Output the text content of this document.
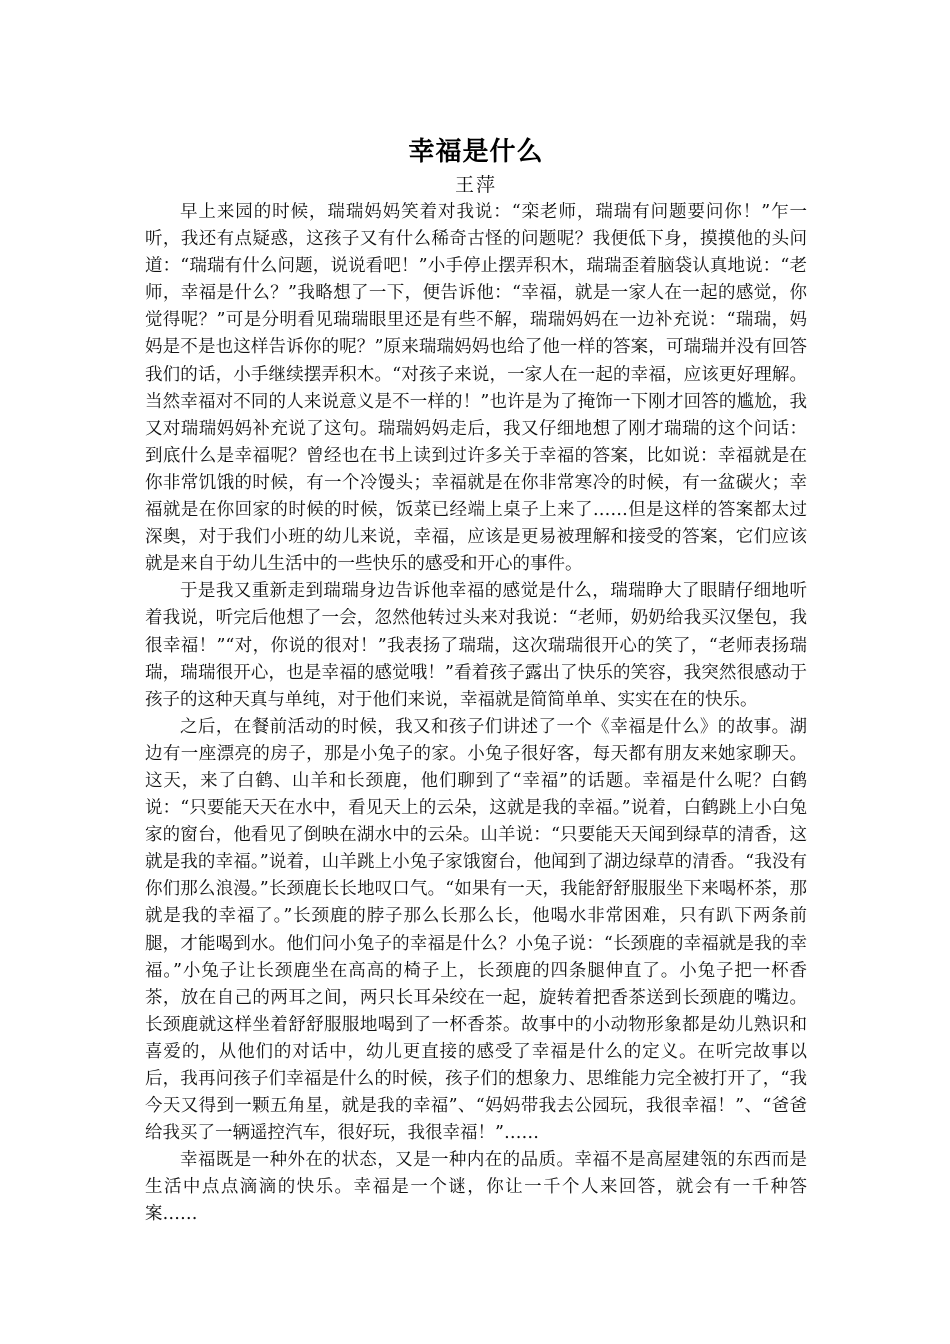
幸福是什么

王萍

早上来园的时候，瑞瑞妈妈笑着对我说：“栾老师，瑞瑞有问题要问你！”乍一听，我还有点疑惑，这孩子又有什么稀奇古怪的问题呢？我便低下身，摸摸他的头问道：“瑞瑞有什么问题，说说看吧！”小手停止摆弄积木，瑞瑞歪着脑袋认真地说：“老师，幸福是什么？”我略想了一下，便告诉他：“幸福，就是一家人在一起的感觉，你觉得呢？”可是分明看见瑞瑞眼里还是有些不解，瑞瑞妈妈在一边补充说：“瑞瑞，妈妈是不是也这样告诉你的呢？”原来瑞瑞妈妈也给了他一样的答案，可瑞瑞并没有回答我们的话，小手继续摆弄积木。“对孩子来说，一家人在一起的幸福，应该更好理解。当然幸福对不同的人来说意义是不一样的！”也许是为了掩饰一下刚才回答的尴尬，我又对瑞瑞妈妈补充说了这句。瑞瑞妈妈走后，我又仔细地想了刚才瑞瑞的这个问话：到底什么是幸福呢？曾经也在书上读到过许多关于幸福的答案，比如说：幸福就是在你非常饥饿的时候，有一个冷馒头；幸福就是在你非常寒冷的时候，有一盆碳火；幸福就是在你回家的时候的时候，饭菜已经端上桌子上来了……但是这样的答案都太过深奥，对于我们小班的幼儿来说，幸福，应该是更易被理解和接受的答案，它们应该就是来自于幼儿生活中的一些快乐的感受和开心的事件。

于是我又重新走到瑞瑞身边告诉他幸福的感觉是什么，瑞瑞睁大了眼睛仔细地听着我说，听完后他想了一会，忽然他转过头来对我说：“老师，奶奶给我买汉堡包，我很幸福！”“对，你说的很对！”我表扬了瑞瑞，这次瑞瑞很开心的笑了，“老师表扬瑞瑞，瑞瑞很开心，也是幸福的感觉哦！”看着孩子露出了快乐的笑容，我突然很感动于孩子的这种天真与单纯，对于他们来说，幸福就是简简单单、实实在在的快乐。

之后，在餐前活动的时候，我又和孩子们讲述了一个《幸福是什么》的故事。湖边有一座漂亮的房子，那是小兔子的家。小兔子很好客，每天都有朋友来她家聊天。这天，来了白鹤、山羊和长颈鹿，他们聊到了“幸福”的话题。幸福是什么呢？白鹤说：“只要能天天在水中，看见天上的云朵，这就是我的幸福。”说着，白鹤跳上小白兔家的窗台，他看见了倒映在湖水中的云朵。山羊说：“只要能天天闻到绿草的清香，这就是我的幸福。”说着，山羊跳上小兔子家饿窗台，他闻到了湖边绿草的清香。“我没有你们那么浪漫。”长颈鹿长长地叹口气。“如果有一天，我能舒舒服服坐下来喝杯茶，那就是我的幸福了。”长颈鹿的脖子那么长那么长，他喝水非常困难，只有趴下两条前腿，才能喝到水。他们问小兔子的幸福是什么？小兔子说：“长颈鹿的幸福就是我的幸福。”小兔子让长颈鹿坐在高高的椅子上，长颈鹿的四条腿伸直了。小兔子把一杯香茶，放在自己的两耳之间，两只长耳朵绞在一起，旋转着把香茶送到长颈鹿的嘴边。长颈鹿就这样坐着舒舒服服地喝到了一杯香茶。故事中的小动物形象都是幼儿熟识和喜爱的，从他们的对话中，幼儿更直接的感受了幸福是什么的定义。在听完故事以后，我再问孩子们幸福是什么的时候，孩子们的想象力、思维能力完全被打开了，“我今天又得到一颗五角星，就是我的幸福”、“妈妈带我去公园玩，我很幸福！”、“爸爸给我买了一辆遥控汽车，很好玩，我很幸福！”……

幸福既是一种外在的状态，又是一种内在的品质。幸福不是高屋建瓴的东西而是生活中点点滴滴的快乐。幸福是一个谜，你让一千个人来回答，就会有一千种答案……
